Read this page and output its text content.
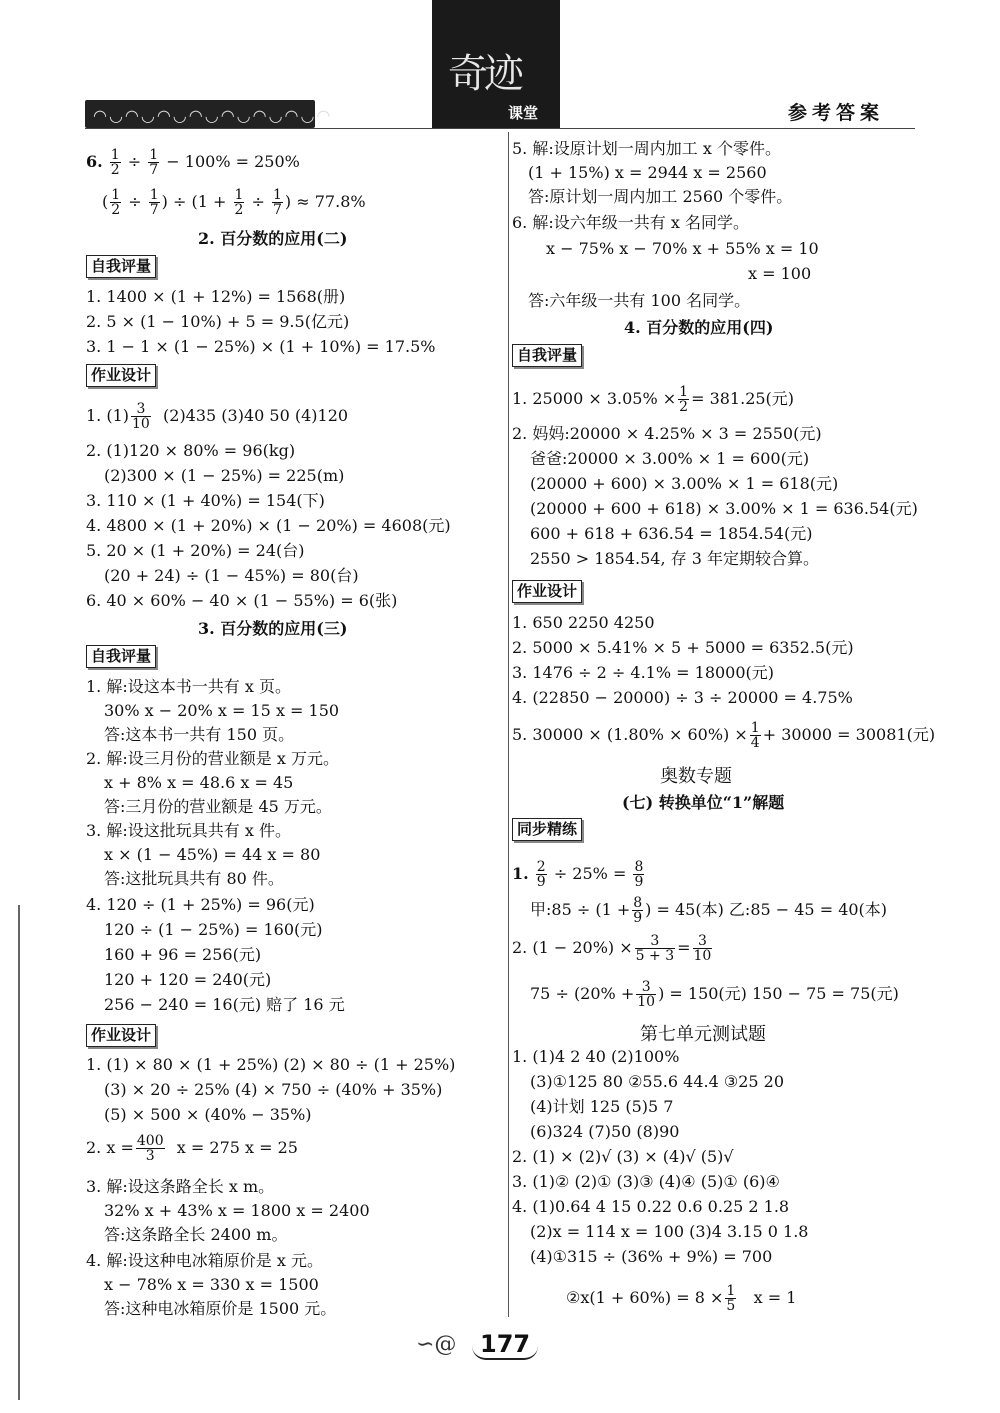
◠◡◠◡◠◡◠◡◠◡◠◡◠◡◠
奇迹
课堂	参考答案
6. $\frac{1}{2} \div \frac{1}{7} - 100\% = 250\%$
( $\frac{1}{2} \div \frac{1}{7}$ ) ÷ ($1 + \frac{1}{2} \div \frac{1}{7}$ ) ≈ 77.8%
2. 百分数的应用(二)
自我评量
1. 1400 × (1 + 12%) = 1568(册)
2. 5 × (1 − 10%) + 5 = 9.5(亿元)
3. 1 − 1 × (1 − 25%) × (1 + 10%) = 17.5%
作业设计
1. $(1) \frac{3}{10} (2)435$ (3)40 50 (4)120
2. (1)120 × 80% = 96(kg)
(2)300 × (1 − 25%) = 225(m)
3. 110 × (1 + 40%) = 154(下)
4. 4800 × (1 + 20%) × (1 − 20%) = 4608(元)
5. 20 × (1 + 20%) = 24(台)
(20 + 24) ÷ (1 − 45%) = 80(台)
6. 40 × 60% − 40 × (1 − 55%) = 6(张)
3. 百分数的应用(三)
自我评量
1. 解:设这本书一共有 x 页。
30% x − 20% x = 15 x = 150
答:这本书一共有 150 页。
2. 解:设三月份的营业额是 x 万元。
x + 8% x = 48.6 x = 45
答:三月份的营业额是 45 万元。
3. 解:设这批玩具共有 x 件。
x × (1 − 45%) = 44 x = 80
答:这批玩具共有 80 件。
4. 120 ÷ (1 + 25%) = 96(元)
120 ÷ (1 − 25%) = 160(元)
160 + 96 = 256(元)
120 + 120 = 240(元)
256 − 240 = 16(元) 赔了 16 元
作业设计
1. (1) × 80 × (1 + 25%) (2) × 80 ÷ (1 + 25%)
(3) × 20 ÷ 25% (4) × 750 ÷ (40% + 35%)
(5) × 500 × (40% − 35%)
2. $x = \frac{400}{3}$ x = 275 x = 25
3. 解:设这条路全长 x m。
32% x + 43% x = 1800 x = 2400
答:这条路全长 2400 m。
4. 解:设这种电冰箱原价是 x 元。
x − 78% x = 330 x = 1500
答:这种电冰箱原价是 1500 元。
5. 解:设原计划一周内加工 x 个零件。
(1 + 15%) x = 2944 x = 2560
答:原计划一周内加工 2560 个零件。
6. 解:设六年级一共有 x 名同学。
x − 75% x − 70% x + 55% x = 10
x = 100
答:六年级一共有 100 名同学。
4. 百分数的应用(四)
自我评量
1. $25000 \times 3.05\% \times \frac{1}{2} = 381.25$(元)
2. 妈妈:20000 × 4.25% × 3 = 2550(元)
爸爸:20000 × 3.00% × 1 = 600(元)
(20000 + 600) × 3.00% × 1 = 618(元)
(20000 + 600 + 618) × 3.00% × 1 = 636.54(元)
600 + 618 + 636.54 = 1854.54(元)
2550 > 1854.54, 存 3 年定期较合算。
作业设计
1. 650 2250 4250
2. 5000 × 5.41% × 5 + 5000 = 6352.5(元)
3. 1476 ÷ 2 ÷ 4.1% = 18000(元)
4. (22850 − 20000) ÷ 3 ÷ 20000 = 4.75%
5. $30000 \times (1.80\% \times 60\%) \times \frac{1}{4} + 30000 = 30081$(元)
奥数专题
(七) 转换单位“1”解题
同步精练
1. $\frac{2}{9} \div 25\% = \frac{8}{9}$
甲:85 ÷ ($1 + \frac{8}{9}$ ) = 45(本) 乙:85 − 45 = 40(本)
2. $(1 - 20\%) \times \frac{3}{5 + 3} = \frac{3}{10}$
$75 \div (20\% + \frac{3}{10}$ ) = 150(元) 150 − 75 = 75(元)
第七单元测试题
1. (1)4 2 40 (2)100%
(3)①125 80 ②55.6 44.4 ③25 20
(4)计划 125 (5)5 7
(6)324 (7)50 (8)90
2. (1) × (2)√ (3) × (4)√ (5)√
3. (1)② (2)① (3)③ (4)④ (5)① (6)④
4. (1)0.64 4 15 0.22 0.6 0.25 2 1.8
(2)x = 114 x = 100 (3)4 3.15 0 1.8
(4)①315 ÷ (36% + 9%) = 700
②x(1 + $60\%) = 8 \times \frac{1}{5}$ x = 1
∽@ 177
